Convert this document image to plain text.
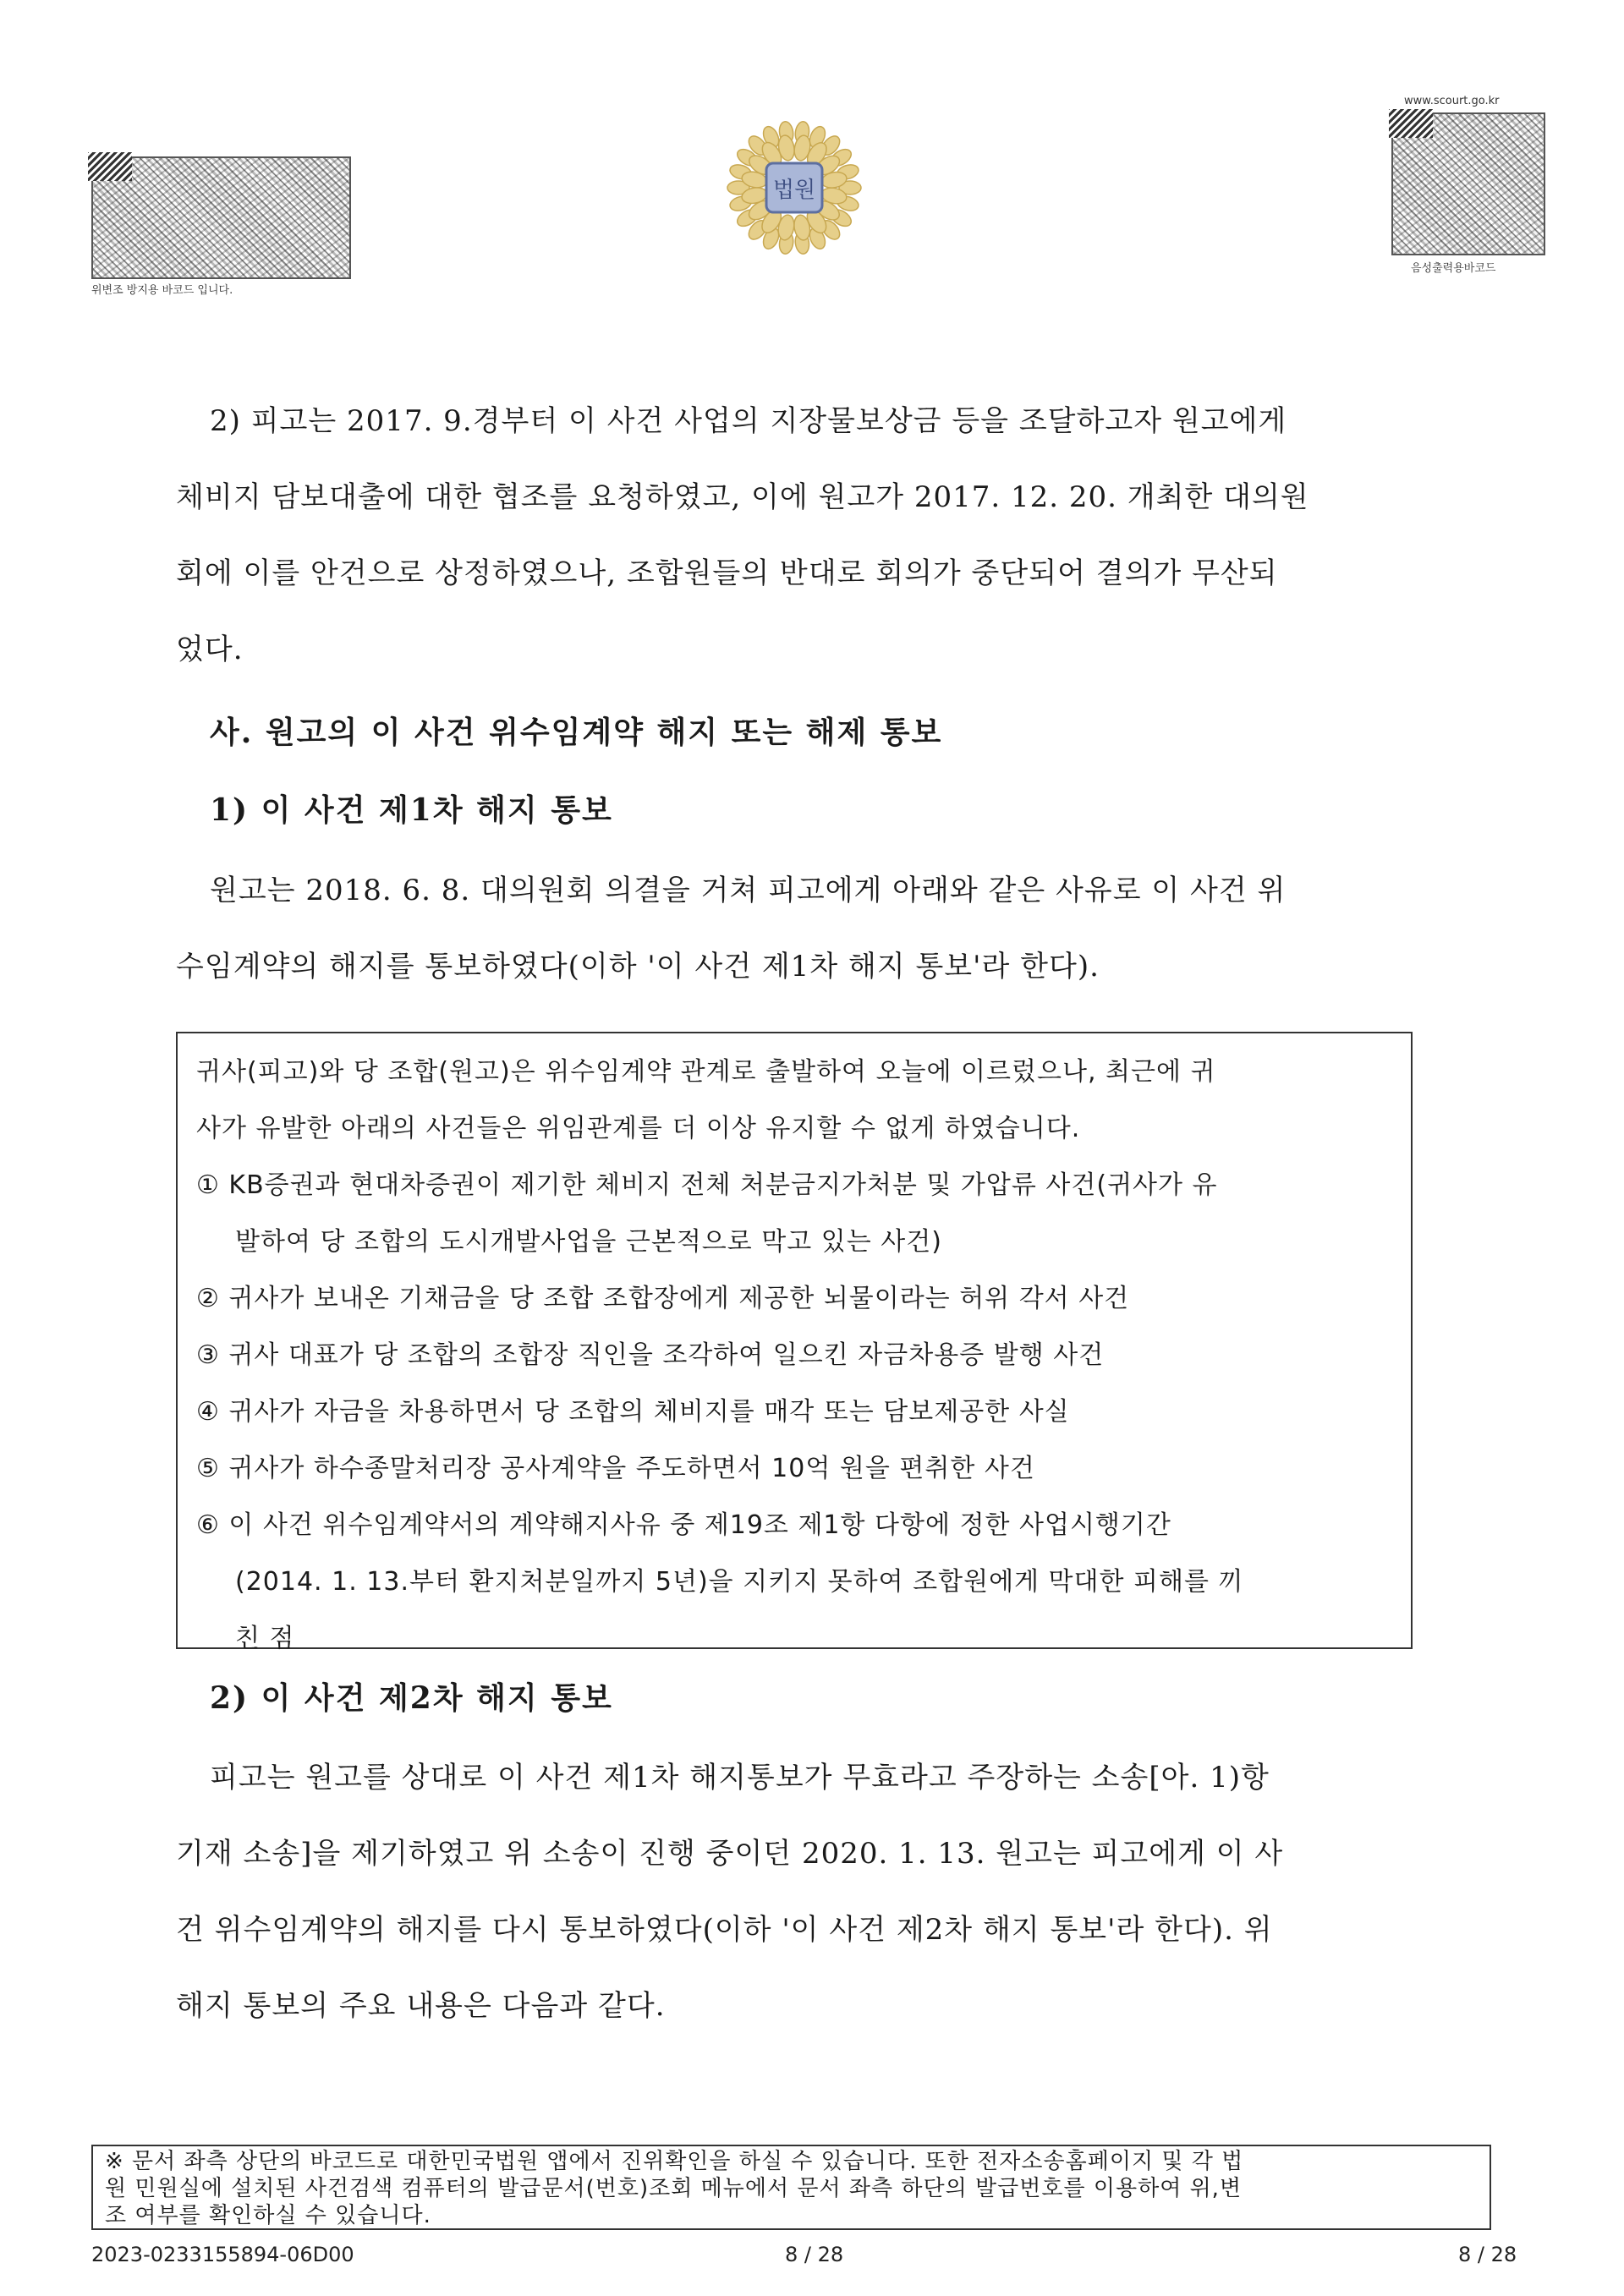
위변조 방지용 바코드 입니다.
법원
www.scourt.go.kr
음성출력용바코드
2) 피고는 2017. 9.경부터 이 사건 사업의 지장물보상금 등을 조달하고자 원고에게
체비지 담보대출에 대한 협조를 요청하였고, 이에 원고가 2017. 12. 20. 개최한 대의원
회에 이를 안건으로 상정하였으나, 조합원들의 반대로 회의가 중단되어 결의가 무산되
었다.
사. 원고의 이 사건 위수임계약 해지 또는 해제 통보
1) 이 사건 제1차 해지 통보
원고는 2018. 6. 8. 대의원회 의결을 거쳐 피고에게 아래와 같은 사유로 이 사건 위
수임계약의 해지를 통보하였다(이하 '이 사건 제1차 해지 통보'라 한다).
귀사(피고)와 당 조합(원고)은 위수임계약 관계로 출발하여 오늘에 이르렀으나, 최근에 귀
사가 유발한 아래의 사건들은 위임관계를 더 이상 유지할 수 없게 하였습니다.
① KB증권과 현대차증권이 제기한 체비지 전체 처분금지가처분 및 가압류 사건(귀사가 유
발하여 당 조합의 도시개발사업을 근본적으로 막고 있는 사건)
② 귀사가 보내온 기채금을 당 조합 조합장에게 제공한 뇌물이라는 허위 각서 사건
③ 귀사 대표가 당 조합의 조합장 직인을 조각하여 일으킨 자금차용증 발행 사건
④ 귀사가 자금을 차용하면서 당 조합의 체비지를 매각 또는 담보제공한 사실
⑤ 귀사가 하수종말처리장 공사계약을 주도하면서 10억 원을 편취한 사건
⑥ 이 사건 위수임계약서의 계약해지사유 중 제19조 제1항 다항에 정한 사업시행기간
(2014. 1. 13.부터 환지처분일까지 5년)을 지키지 못하여 조합원에게 막대한 피해를 끼
친 점
2) 이 사건 제2차 해지 통보
피고는 원고를 상대로 이 사건 제1차 해지통보가 무효라고 주장하는 소송[아. 1)항
기재 소송]을 제기하였고 위 소송이 진행 중이던 2020. 1. 13. 원고는 피고에게 이 사
건 위수임계약의 해지를 다시 통보하였다(이하 '이 사건 제2차 해지 통보'라 한다). 위
해지 통보의 주요 내용은 다음과 같다.
※ 문서 좌측 상단의 바코드로 대한민국법원 앱에서 진위확인을 하실 수 있습니다. 또한 전자소송홈페이지 및 각 법
원 민원실에 설치된 사건검색 컴퓨터의 발급문서(번호)조회 메뉴에서 문서 좌측 하단의 발급번호를 이용하여 위,변
조 여부를 확인하실 수 있습니다.
2023-0233155894-06D00	8 / 28	8 / 28
